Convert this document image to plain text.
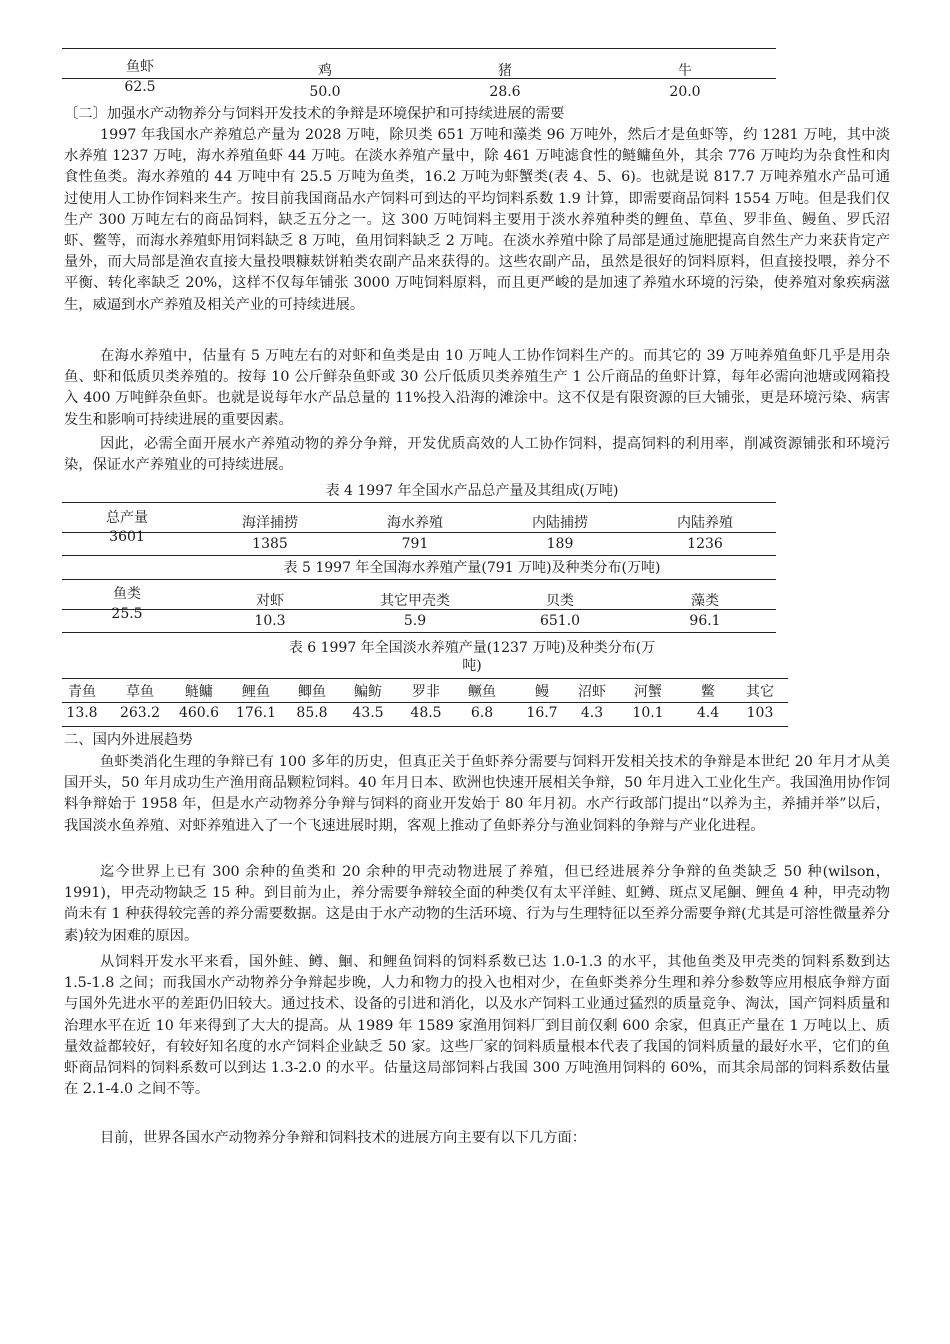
鱼虾	鸡	猪	牛
62.5	50.0	28.6	20.0

〔二〕加强水产动物养分与饲料开发技术的争辩是环境保护和可持续进展的需要

1997 年我国水产养殖总产量为 2028 万吨，除贝类 651 万吨和藻类 96 万吨外，然后才是鱼虾等，约 1281 万吨，其中淡水养殖 1237 万吨，海水养殖鱼虾 44 万吨。在淡水养殖产量中，除 461 万吨滤食性的鲢鳙鱼外，其余 776 万吨均为杂食性和肉食性鱼类。海水养殖的 44 万吨中有 25.5 万吨为鱼类，16.2 万吨为虾蟹类(表 4、5、6)。也就是说 817.7 万吨养殖水产品可通过使用人工协作饲料来生产。按目前我国商品水产饲料可到达的平均饲料系数 1.9 计算，即需要商品饲料 1554 万吨。但是我们仅生产 300 万吨左右的商品饲料，缺乏五分之一。这 300 万吨饲料主要用于淡水养殖种类的鲤鱼、草鱼、罗非鱼、鳗鱼、罗氏沼虾、鳖等，而海水养殖虾用饲料缺乏 8 万吨，鱼用饲料缺乏 2 万吨。在淡水养殖中除了局部是通过施肥提高自然生产力来获肯定产量外，而大局部是渔农直接大量投喂糠麸饼粕类农副产品来获得的。这些农副产品，虽然是很好的饲料原料，但直接投喂，养分不平衡、转化率缺乏 20%，这样不仅每年铺张 3000 万吨饲料原料，而且更严峻的是加速了养殖水环境的污染，使养殖对象疾病滋生，威逼到水产养殖及相关产业的可持续进展。

在海水养殖中，估量有 5 万吨左右的对虾和鱼类是由 10 万吨人工协作饲料生产的。而其它的 39 万吨养殖鱼虾几乎是用杂鱼、虾和低质贝类养殖的。按每 10 公斤鲜杂鱼虾或 30 公斤低质贝类养殖生产 1 公斤商品的鱼虾计算，每年必需向池塘或网箱投入 400 万吨鲜杂鱼虾。也就是说每年水产品总量的 11%投入沿海的滩涂中。这不仅是有限资源的巨大铺张，更是环境污染、病害发生和影响可持续进展的重要因素。

因此，必需全面开展水产养殖动物的养分争辩，开发优质高效的人工协作饲料，提高饲料的利用率，削减资源铺张和环境污染，保证水产养殖业的可持续进展。

表 4 1997 年全国水产品总产量及其组成(万吨)
总产量	海洋捕捞	海水养殖	内陆捕捞	内陆养殖
3601	1385	791	189	1236
表 5 1997 年全国海水养殖产量(791 万吨)及种类分布(万吨)
鱼类	对虾	其它甲壳类	贝类	藻类
25.5	10.3	5.9	651.0	96.1
表 6 1997 年全国淡水养殖产量(1237 万吨)及种类分布(万
吨)
青鱼	草鱼	鲢鳙	鲤鱼	鲫鱼	鳊鲂	罗非	鳜鱼	鳗	沼虾	河蟹	鳖	其它
13.8	263.2 460.6 176.1	85.8	43.5	48.5	6.8	16.7	4.3	10.1	4.4	103

二、国内外进展趋势

鱼虾类消化生理的争辩已有 100 多年的历史，但真正关于鱼虾养分需要与饲料开发相关技术的争辩是本世纪 20 年月才从美国开头，50 年月成功生产渔用商品颗粒饲料。40 年月日本、欧洲也快速开展相关争辩，50 年月进入工业化生产。我国渔用协作饲料争辩始于 1958 年，但是水产动物养分争辩与饲料的商业开发始于 80 年月初。水产行政部门提出“以养为主，养捕并举”以后，我国淡水鱼养殖、对虾养殖进入了一个飞速进展时期，客观上推动了鱼虾养分与渔业饲料的争辩与产业化进程。

迄今世界上已有 300 余种的鱼类和 20 余种的甲壳动物进展了养殖，但已经进展养分争辩的鱼类缺乏 50 种(wilson，1991)，甲壳动物缺乏 15 种。到目前为止，养分需要争辩较全面的种类仅有太平洋鲑、虹鳟、斑点叉尾鮰、鲤鱼 4 种，甲壳动物尚未有 1 种获得较完善的养分需要数据。这是由于水产动物的生活环境、行为与生理特征以至养分需要争辩(尤其是可溶性微量养分素)较为困难的原因。

从饲料开发水平来看，国外鲑、鳟、鮰、和鲤鱼饲料的饲料系数已达 1.0-1.3 的水平，其他鱼类及甲壳类的饲料系数到达 1.5-1.8 之间；而我国水产动物养分争辩起步晚，人力和物力的投入也相对少，在鱼虾类养分生理和养分参数等应用根底争辩方面与国外先进水平的差距仍旧较大。通过技术、设备的引进和消化，以及水产饲料工业通过猛烈的质量竞争、淘汰，国产饲料质量和治理水平在近 10 年来得到了大大的提高。从 1989 年 1589 家渔用饲料厂到目前仅剩 600 余家，但真正产量在 1 万吨以上、质量效益都较好，有较好知名度的水产饲料企业缺乏 50 家。这些厂家的饲料质量根本代表了我国的饲料质量的最好水平，它们的鱼虾商品饲料的饲料系数可以到达 1.3-2.0 的水平。估量这局部饲料占我国 300 万吨渔用饲料的 60%，而其余局部的饲料系数估量在 2.1-4.0 之间不等。

目前，世界各国水产动物养分争辩和饲料技术的进展方向主要有以下几方面：
